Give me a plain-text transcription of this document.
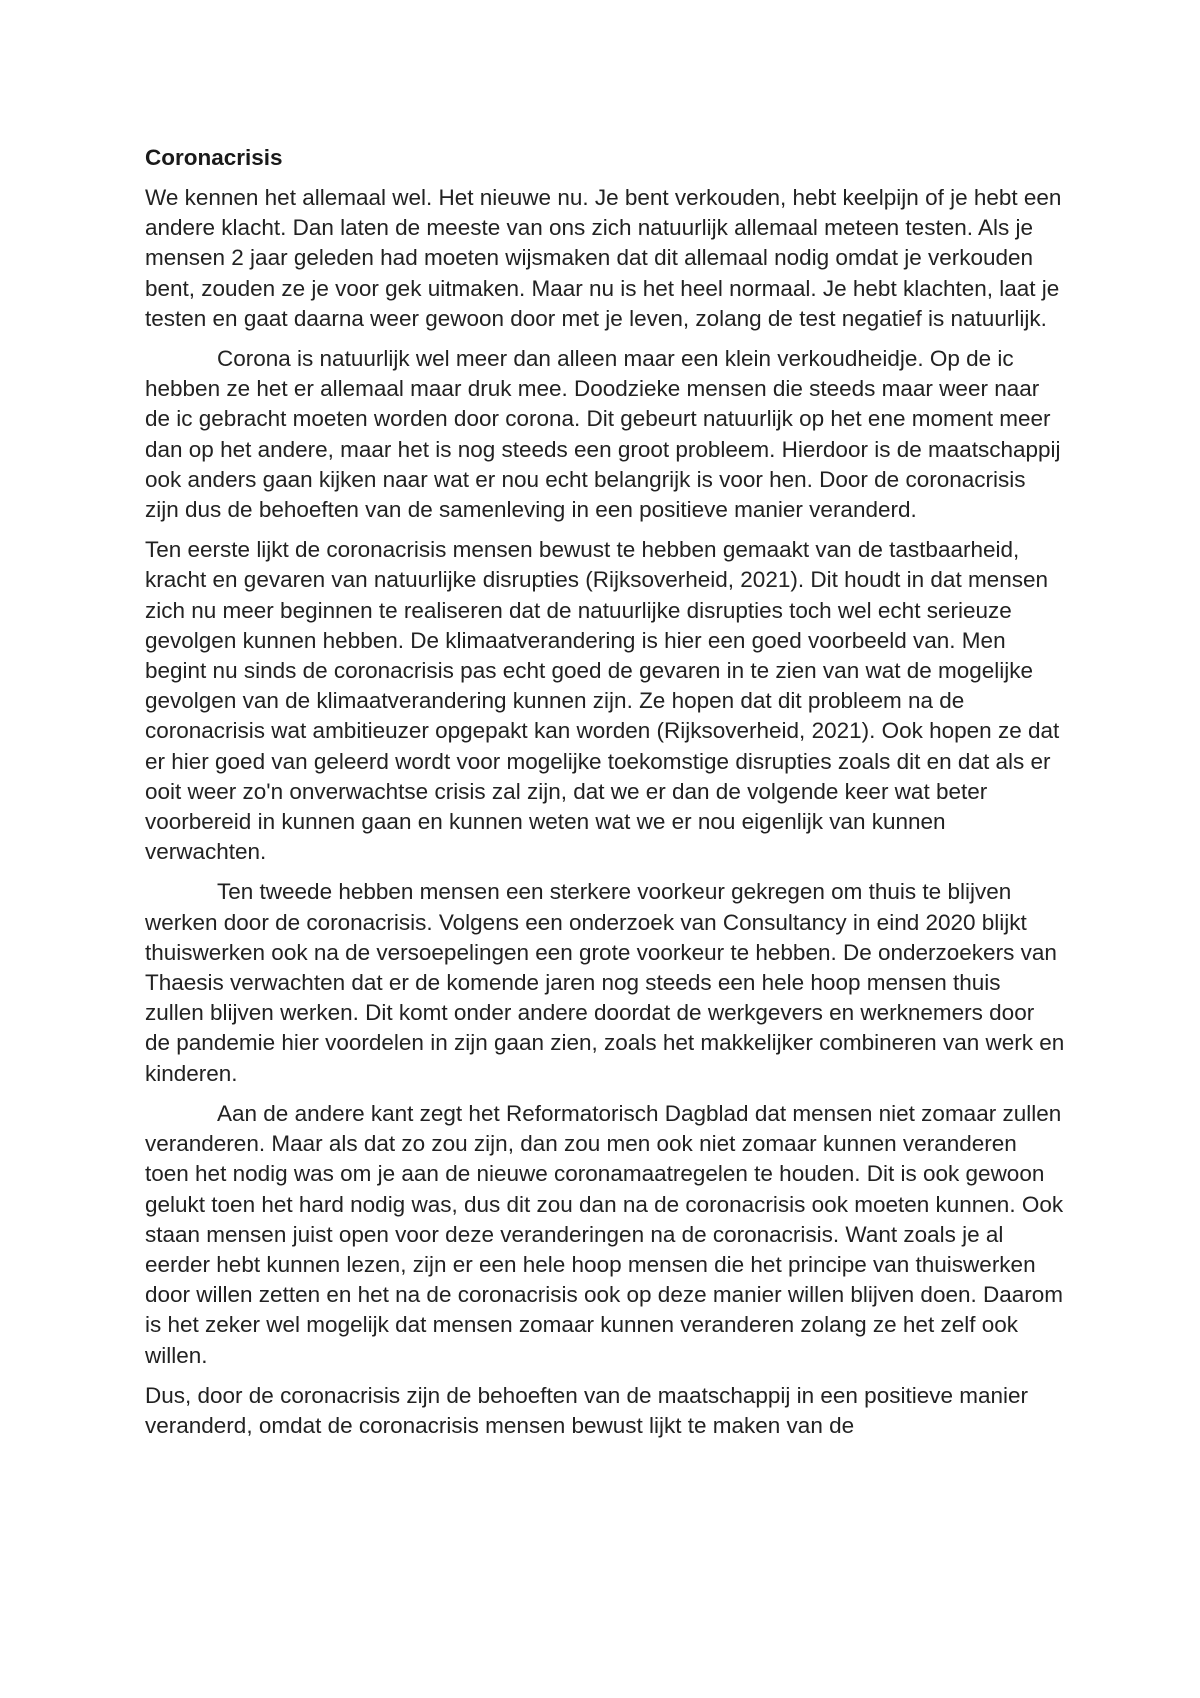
Coronacrisis

We kennen het allemaal wel. Het nieuwe nu. Je bent verkouden, hebt keelpijn of je hebt een andere klacht. Dan laten de meeste van ons zich natuurlijk allemaal meteen testen. Als je mensen 2 jaar geleden had moeten wijsmaken dat dit allemaal nodig omdat je verkouden bent, zouden ze je voor gek uitmaken. Maar nu is het heel normaal. Je hebt klachten, laat je testen en gaat daarna weer gewoon door met je leven, zolang de test negatief is natuurlijk.

Corona is natuurlijk wel meer dan alleen maar een klein verkoudheidje. Op de ic hebben ze het er allemaal maar druk mee. Doodzieke mensen die steeds maar weer naar de ic gebracht moeten worden door corona. Dit gebeurt natuurlijk op het ene moment meer dan op het andere, maar het is nog steeds een groot probleem. Hierdoor is de maatschappij ook anders gaan kijken naar wat er nou echt belangrijk is voor hen. Door de coronacrisis zijn dus de behoeften van de samenleving in een positieve manier veranderd.

Ten eerste lijkt de coronacrisis mensen bewust te hebben gemaakt van de tastbaarheid, kracht en gevaren van natuurlijke disrupties (Rijksoverheid, 2021). Dit houdt in dat mensen zich nu meer beginnen te realiseren dat de natuurlijke disrupties toch wel echt serieuze gevolgen kunnen hebben. De klimaatverandering is hier een goed voorbeeld van. Men begint nu sinds de coronacrisis pas echt goed de gevaren in te zien van wat de mogelijke gevolgen van de klimaatverandering kunnen zijn. Ze hopen dat dit probleem na de coronacrisis wat ambitieuzer opgepakt kan worden (Rijksoverheid, 2021). Ook hopen ze dat er hier goed van geleerd wordt voor mogelijke toekomstige disrupties zoals dit en dat als er ooit weer zo'n onverwachtse crisis zal zijn, dat we er dan de volgende keer wat beter voorbereid in kunnen gaan en kunnen weten wat we er nou eigenlijk van kunnen verwachten.

Ten tweede hebben mensen een sterkere voorkeur gekregen om thuis te blijven werken door de coronacrisis. Volgens een onderzoek van Consultancy in eind 2020 blijkt thuiswerken ook na de versoepelingen een grote voorkeur te hebben. De onderzoekers van Thaesis verwachten dat er de komende jaren nog steeds een hele hoop mensen thuis zullen blijven werken. Dit komt onder andere doordat de werkgevers en werknemers door de pandemie hier voordelen in zijn gaan zien, zoals het makkelijker combineren van werk en kinderen.

Aan de andere kant zegt het Reformatorisch Dagblad dat mensen niet zomaar zullen veranderen. Maar als dat zo zou zijn, dan zou men ook niet zomaar kunnen veranderen toen het nodig was om je aan de nieuwe coronamaatregelen te houden. Dit is ook gewoon gelukt toen het hard nodig was, dus dit zou dan na de coronacrisis ook moeten kunnen. Ook staan mensen juist open voor deze veranderingen na de coronacrisis. Want zoals je al eerder hebt kunnen lezen, zijn er een hele hoop mensen die het principe van thuiswerken door willen zetten en het na de coronacrisis ook op deze manier willen blijven doen. Daarom is het zeker wel mogelijk dat mensen zomaar kunnen veranderen zolang ze het zelf ook willen.

Dus, door de coronacrisis zijn de behoeften van de maatschappij in een positieve manier veranderd, omdat de coronacrisis mensen bewust lijkt te maken van de
